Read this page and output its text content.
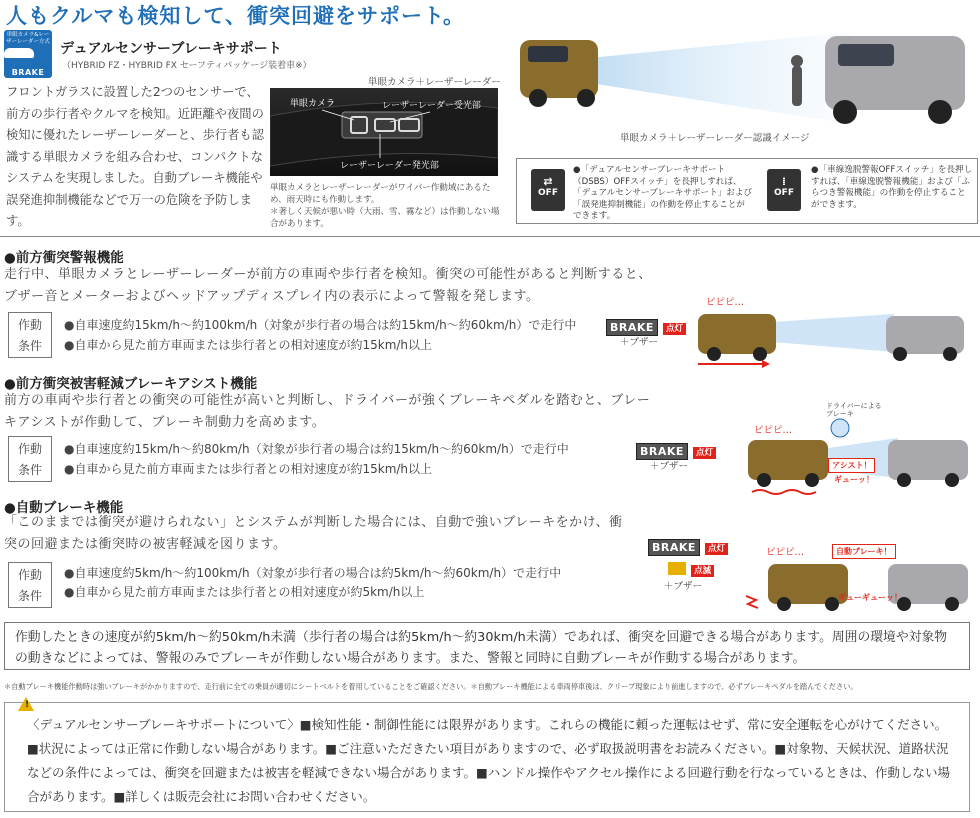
人もクルマも検知して、衝突回避をサポート。
単眼カメラ&レーザーレーダー方式
BRAKE
デュアルセンサーブレーキサポート
（HYBRID FZ・HYBRID FX セーフティパッケージ装着車※）
フロントガラスに設置した2つのセンサーで、前方の歩行者やクルマを検知。近距離や夜間の検知に優れたレーザーレーダーと、歩行者も認識する単眼カメラを組み合わせ、コンパクトなシステムを実現しました。自動ブレーキ機能や誤発進抑制機能などで万一の危険を予防します。
単眼カメラ＋レーザーレーダー
単眼カメラ	レーザーレーダー受光部
レーザーレーダー発光部
単眼カメラとレーザーレーダーがワイパー作動域にあるため、雨天時にも作動します。
＊著しく天候が悪い時（大雨、雪、霧など）は作動しない場合があります。
単眼カメラ＋レーザーレーダー認識イメージ
⇄
OFF
●「デュアルセンサーブレーキサポート（DSBS）OFFスイッチ」を長押しすれば、「デュアルセンサーブレーキサポート」および「誤発進抑制機能」の作動を停止することができます。
⁞
OFF
●「車線逸脱警報OFFスイッチ」を長押しすれば、「車線逸脱警報機能」および「ふらつき警報機能」の作動を停止することができます。
●前方衝突警報機能
走行中、単眼カメラとレーザーレーダーが前方の車両や歩行者を検知。衝突の可能性があると判断すると、ブザー音とメーターおよびヘッドアップディスプレイ内の表示によって警報を発します。
作動
条件
●自車速度約15km/h〜約100km/h（対象が歩行者の場合は約15km/h〜約60km/h）で走行中
●自車から見た前方車両または歩行者との相対速度が約15km/h以上
BRAKE 点灯
＋ブザー
ピピピ…
●前方衝突被害軽減ブレーキアシスト機能
前方の車両や歩行者との衝突の可能性が高いと判断し、ドライバーが強くブレーキペダルを踏むと、ブレーキアシストが作動して、ブレーキ制動力を高めます。
作動
条件
●自車速度約15km/h〜約80km/h（対象が歩行者の場合は約15km/h〜約60km/h）で走行中
●自車から見た前方車両または歩行者との相対速度が約15km/h以上
BRAKE 点灯
＋ブザー
ピピピ…
ドライバーによるブレーキ
アシスト！
ギューッ！
●自動ブレーキ機能
「このままでは衝突が避けられない」とシステムが判断した場合には、自動で強いブレーキをかけ、衝突の回避または衝突時の被害軽減を図ります。
作動
条件
●自車速度約5km/h〜約100km/h（対象が歩行者の場合は約5km/h〜約60km/h）で走行中
●自車から見た前方車両または歩行者との相対速度が約5km/h以上
BRAKE 点灯
点滅
＋ブザー
ピピピ…	自動ブレーキ！
ギューギューッ！
作動したときの速度が約5km/h〜約50km/h未満（歩行者の場合は約5km/h〜約30km/h未満）であれば、衝突を回避できる場合があります。周囲の環境や対象物の動きなどによっては、警報のみでブレーキが作動しない場合があります。また、警報と同時に自動ブレーキが作動する場合があります。
＊自動ブレーキ機能作動時は強いブレーキがかかりますので、走行前に全ての乗員が適切にシートベルトを着用していることをご確認ください。＊自動ブレーキ機能による車両停車後は、クリープ現象により前進しますので、必ずブレーキペダルを踏んでください。
〈デュアルセンサーブレーキサポートについて〉■検知性能・制御性能には限界があります。これらの機能に頼った運転はせず、常に安全運転を心がけてください。■状況によっては正常に作動しない場合があります。■ご注意いただきたい項目がありますので、必ず取扱説明書をお読みください。■対象物、天候状況、道路状況などの条件によっては、衝突を回避または被害を軽減できない場合があります。■ハンドル操作やアクセル操作による回避行動を行なっているときは、作動しない場合があります。■詳しくは販売会社にお問い合わせください。
!
